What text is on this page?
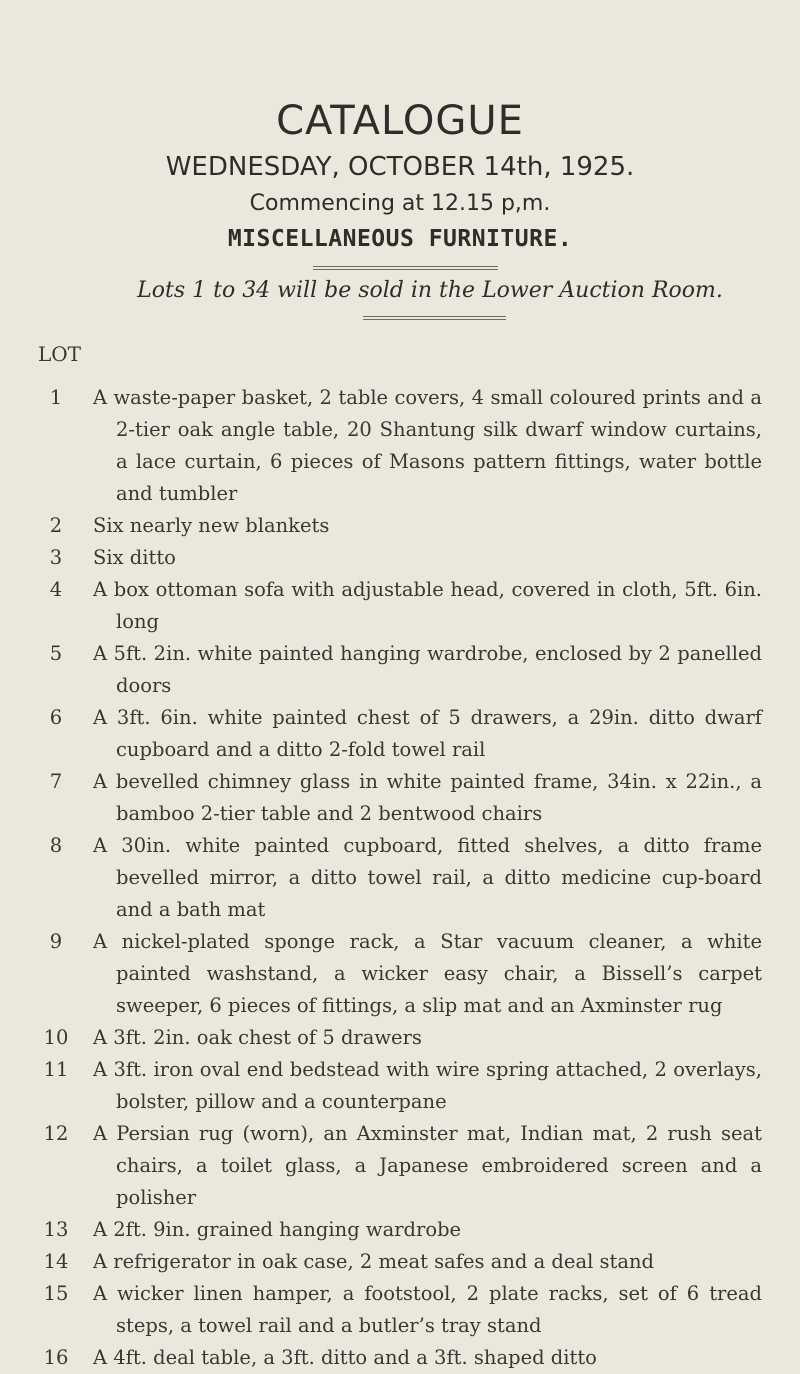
CATALOGUE
WEDNESDAY, OCTOBER 14th, 1925.
Commencing at 12.15 p,m.
MISCELLANEOUS FURNITURE.
Lots 1 to 34 will be sold in the Lower Auction Room.
LOT
1	A waste-paper basket, 2 table covers, 4 small coloured prints and a 2-tier oak angle table, 20 Shantung silk dwarf window curtains, a lace curtain, 6 pieces of Masons pattern fittings, water bottle and tumbler
2	Six nearly new blankets
3	Six ditto
4	A box ottoman sofa with adjustable head, covered in cloth, 5ft. 6in. long
5	A 5ft. 2in. white painted hanging wardrobe, enclosed by 2 panelled doors
6	A 3ft. 6in. white painted chest of 5 drawers, a 29in. ditto dwarf cupboard and a ditto 2-fold towel rail
7	A bevelled chimney glass in white painted frame, 34in. x 22in., a bamboo 2-tier table and 2 bentwood chairs
8	A 30in. white painted cupboard, fitted shelves, a ditto frame bevelled mirror, a ditto towel rail, a ditto medicine cup-board and a bath mat
9	A nickel-plated sponge rack, a Star vacuum cleaner, a white painted washstand, a wicker easy chair, a Bissell’s carpet sweeper, 6 pieces of fittings, a slip mat and an Axminster rug
10 A 3ft. 2in. oak chest of 5 drawers
11 A 3ft. iron oval end bedstead with wire spring attached, 2 overlays, bolster, pillow and a counterpane
12 A Persian rug (worn), an Axminster mat, Indian mat, 2 rush seat chairs, a toilet glass, a Japanese embroidered screen and a polisher
13 A 2ft. 9in. grained hanging wardrobe
14 A refrigerator in oak case, 2 meat safes and a deal stand
15 A wicker linen hamper, a footstool, 2 plate racks, set of 6 tread steps, a towel rail and a butler’s tray stand
16 A 4ft. deal table, a 3ft. ditto and a 3ft. shaped ditto
